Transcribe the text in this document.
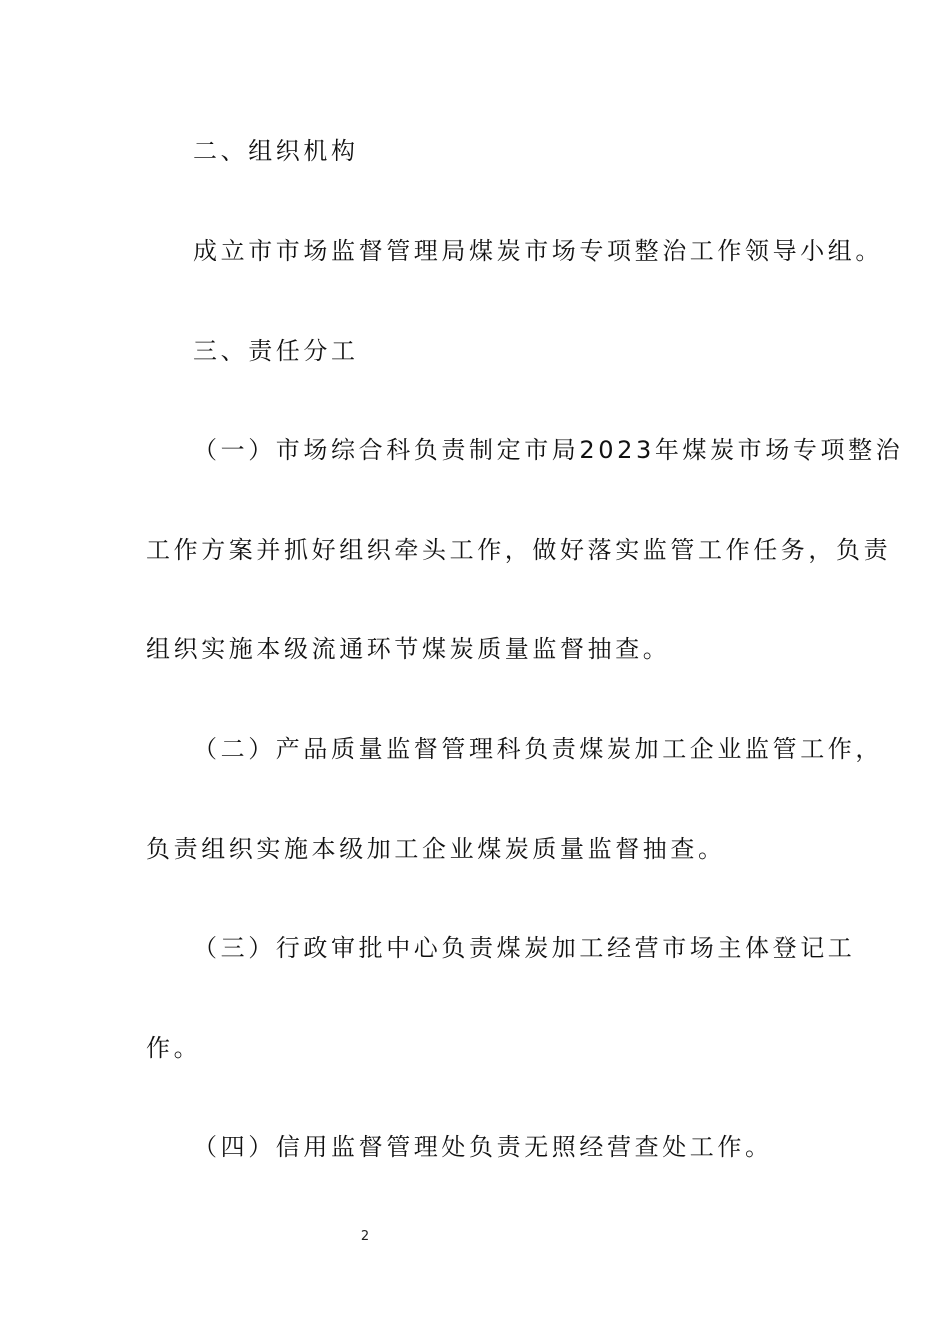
二、组织机构
成立市市场监督管理局煤炭市场专项整治工作领导小组。
三、责任分工
（一）市场综合科负责制定市局2023年煤炭市场专项整治
工作方案并抓好组织牵头工作，做好落实监管工作任务，负责
组织实施本级流通环节煤炭质量监督抽查。
（二）产品质量监督管理科负责煤炭加工企业监管工作，
负责组织实施本级加工企业煤炭质量监督抽查。
（三）行政审批中心负责煤炭加工经营市场主体登记工
作。
（四）信用监督管理处负责无照经营查处工作。
2
